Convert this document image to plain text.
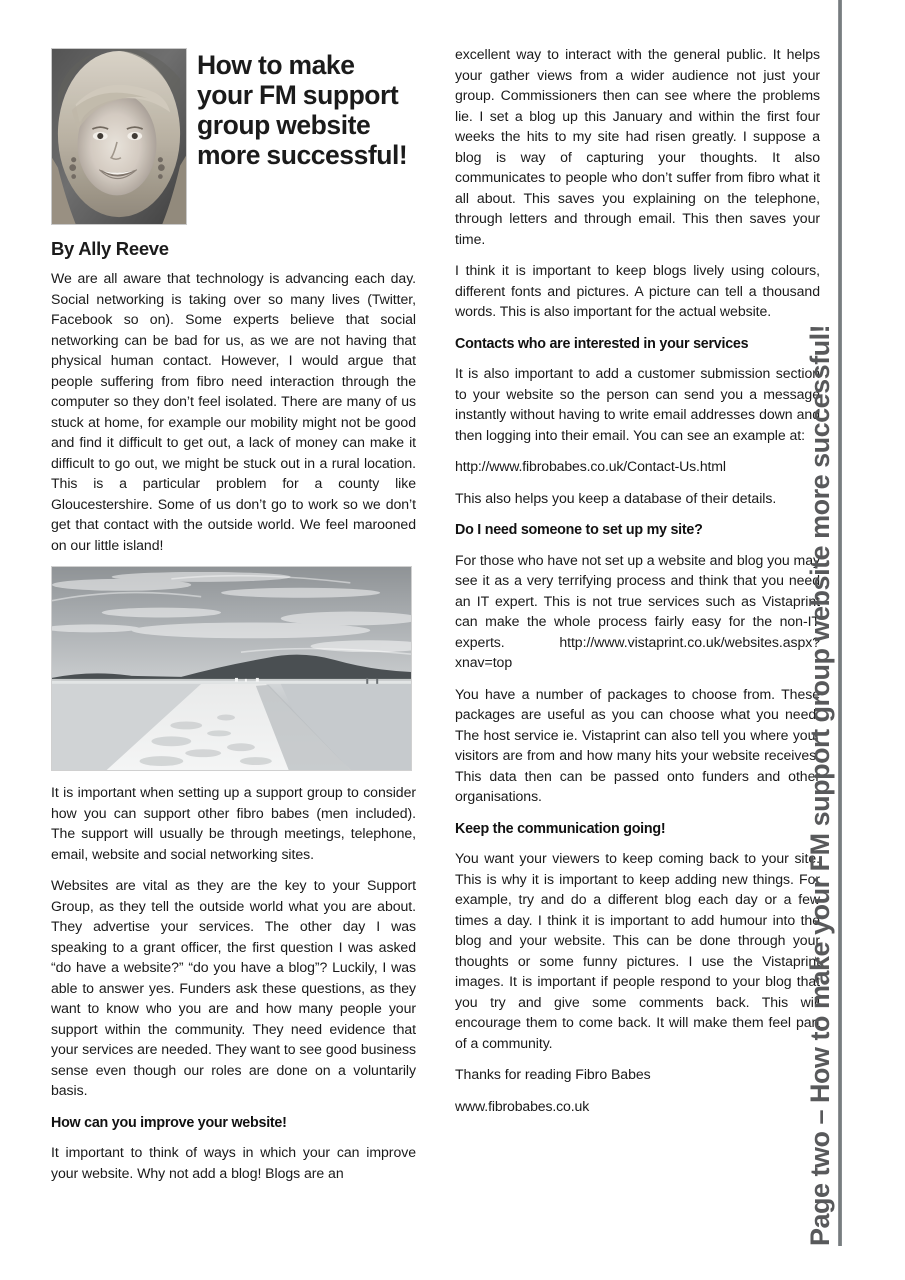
How to make your FM support group website more successful!
By Ally Reeve

We are all aware that technology is advancing each day. Social networking is taking over so many lives (Twitter, Facebook so on). Some experts believe that social networking can be bad for us, as we are not having that physical human contact. However, I would argue that people suffering from fibro need interaction through the computer so they don’t feel isolated. There are many of us stuck at home, for example our mobility might not be good and find it difficult to get out, a lack of money can make it difficult to go out, we might be stuck out in a rural location. This is a particular problem for a county like Gloucestershire. Some of us don’t go to work so we don’t get that contact with the outside world. We feel marooned on our little island!

It is important when setting up a support group to consider how you can support other fibro babes (men included). The support will usually be through meetings, telephone, email, website and social networking sites.

Websites are vital as they are the key to your Support Group, as they tell the outside world what you are about. They advertise your services. The other day I was speaking to a grant officer, the first question I was asked “do have a website?” “do you have a blog”? Luckily, I was able to answer yes. Funders ask these questions, as they want to know who you are and how many people your support within the community. They need evidence that your services are needed. They want to see good business sense even though our roles are done on a voluntarily basis.

How can you improve your website!

It important to think of ways in which your can improve your website. Why not add a blog! Blogs are an

excellent way to interact with the general public. It helps your gather views from a wider audience not just your group. Commissioners then can see where the problems lie. I set a blog up this January and within the first four weeks the hits to my site had risen greatly. I suppose a blog is way of capturing your thoughts. It also communicates to people who don’t suffer from fibro what it all about. This saves you explaining on the telephone, through letters and through email. This then saves your time.

I think it is important to keep blogs lively using colours, different fonts and pictures. A picture can tell a thousand words. This is also important for the actual website.

Contacts who are interested in your services

It is also important to add a customer submission section to your website so the person can send you a message instantly without having to write email addresses down and then logging into their email. You can see an example at:

http://www.fibrobabes.co.uk/Contact-Us.html

This also helps you keep a database of their details.

Do I need someone to set up my site?

For those who have not set up a website and blog you may see it as a very terrifying process and think that you need an IT expert. This is not true services such as Vistaprint can make the whole process fairly easy for the non-IT experts. http://www.vistaprint.co.uk/websites.aspx?xnav=top

You have a number of packages to choose from. These packages are useful as you can choose what you need. The host service ie. Vistaprint can also tell you where your visitors are from and how many hits your website receives. This data then can be passed onto funders and other organisations.

Keep the communication going!

You want your viewers to keep coming back to your site. This is why it is important to keep adding new things. For example, try and do a different blog each day or a few times a day. I think it is important to add humour into the blog and your website. This can be done through your thoughts or some funny pictures. I use the Vistaprint images. It is important if people respond to your blog that you try and give some comments back. This will encourage them to come back. It will make them feel part of a community.

Thanks for reading Fibro Babes

www.fibrobabes.co.uk	Page two – How to make your FM support group website more successful!
